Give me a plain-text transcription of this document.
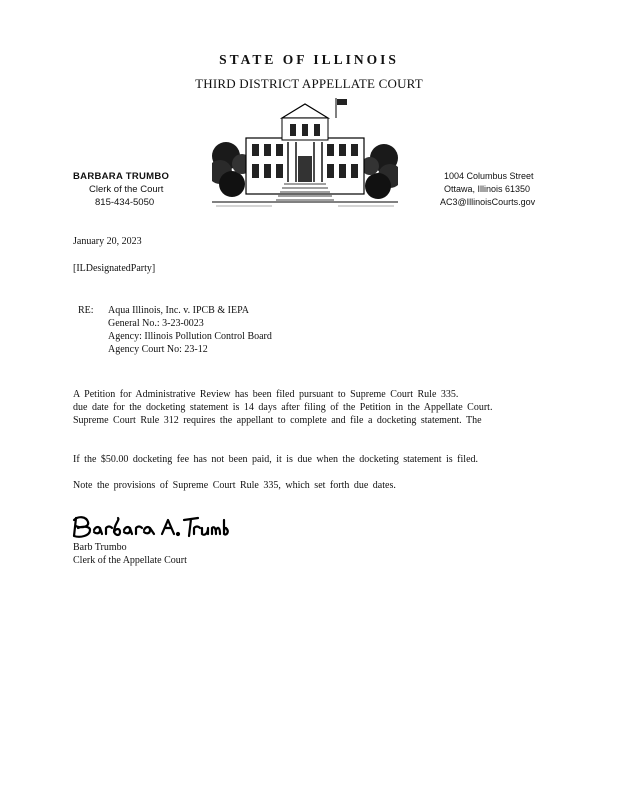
STATE OF ILLINOIS
THIRD DISTRICT APPELLATE COURT
BARBARA TRUMBO
Clerk of the Court
815-434-5050
1004 Columbus Street
Ottawa, Illinois 61350
AC3@IllinoisCourts.gov
January 20, 2023
[ILDesignatedParty]
RE: Aqua Illinois, Inc. v. IPCB & IEPA
General No.: 3-23-0023
Agency: Illinois Pollution Control Board
Agency Court No: 23-12
A Petition for Administrative Review has been filed pursuant to Supreme Court Rule 335.
due date for the docketing statement is 14 days after filing of the Petition in the Appellate Court.
Supreme Court Rule 312 requires the appellant to complete and file a docketing statement. The
If the $50.00 docketing fee has not been paid, it is due when the docketing statement is filed.
Note the provisions of Supreme Court Rule 335, which set forth due dates.
Barb Trumbo
Clerk of the Appellate Court
